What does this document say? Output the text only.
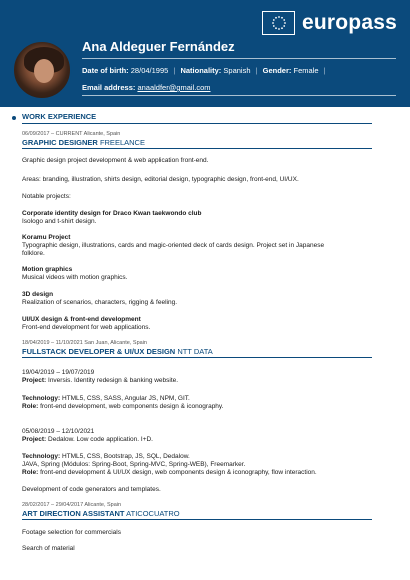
europass
Ana Aldeguer Fernández
Date of birth: 28/04/1995 | Nationality: Spanish | Gender: Female |
Email address: anaaldfer@gmail.com
WORK EXPERIENCE
06/09/2017 – CURRENT Alicante, Spain
GRAPHIC DESIGNER FREELANCE
Graphic design project development & web application front-end.
Areas: branding, illustration, shirts design, editorial design, typographic design, front-end, UI/UX.
Notable projects:
Corporate identity design for Draco Kwan taekwondo club
Isologo and t-shirt design.
Koramu Project
Typographic design, illustrations, cards and magic-oriented deck of cards design. Project set in Japanese
folklore.
Motion graphics
Musical videos with motion graphics.
3D design
Realization of scenarios, characters, rigging & feeling.
UI/UX design & front-end development
Front-end development for web applications.
18/04/2019 – 11/10/2021 San Juan, Alicante, Spain
FULLSTACK DEVELOPER & UI/UX DESIGN NTT DATA
19/04/2019 – 19/07/2019
Project: Inversis. Identity redesign & banking website.
Technology: HTML5, CSS, SASS, Angular JS, NPM, GIT.
Role: front-end development, web components design & iconography.
05/08/2019 – 12/10/2021
Project: Dedalow. Low code application. I+D.
Technology: HTML5, CSS, Bootstrap, JS, SQL, Dedalow.
JAVA, Spring (Módulos: Spring-Boot, Spring-MVC, Spring-WEB), Freemarker.
Role: front-end development & UI/UX design, web components design & iconography, flow interaction.
Development of code generators and templates.
28/02/2017 – 29/04/2017 Alicante, Spain
ART DIRECTION ASSISTANT ATICOCUATRO
Footage selection for commercials
Search of material
